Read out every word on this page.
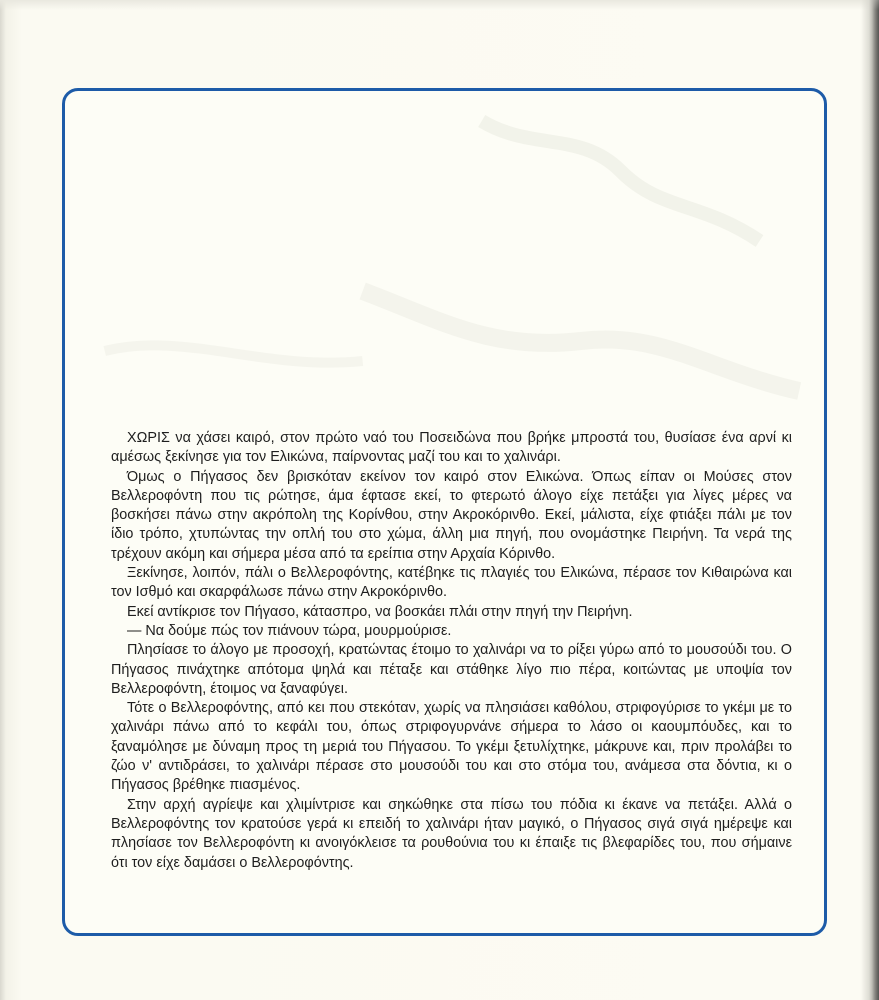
ΧΩΡΙΣ να χάσει καιρό, στον πρώτο ναό του Ποσειδώνα που βρήκε μπροστά του, θυσίασε ένα αρνί κι αμέσως ξεκίνησε για τον Ελικώνα, παίρνοντας μαζί του και το χαλινάρι.

Όμως ο Πήγασος δεν βρισκόταν εκείνον τον καιρό στον Ελικώνα. Όπως είπαν οι Μούσες στον Βελλεροφόντη που τις ρώτησε, άμα έφτασε εκεί, το φτερωτό άλογο είχε πετάξει για λίγες μέρες να βοσκήσει πάνω στην ακρόπολη της Κορίνθου, στην Ακροκόρινθο. Εκεί, μάλιστα, είχε φτιάξει πάλι με τον ίδιο τρόπο, χτυπώντας την οπλή του στο χώμα, άλλη μια πηγή, που ονομάστηκε Πειρήνη. Τα νερά της τρέχουν ακόμη και σήμερα μέσα από τα ερείπια στην Αρχαία Κόρινθο.

Ξεκίνησε, λοιπόν, πάλι ο Βελλεροφόντης, κατέβηκε τις πλαγιές του Ελικώνα, πέρασε τον Κιθαιρώνα και τον Ισθμό και σκαρφάλωσε πάνω στην Ακροκόρινθο.

Εκεί αντίκρισε τον Πήγασο, κάτασπρο, να βοσκάει πλάι στην πηγή την Πειρήνη.

— Να δούμε πώς τον πιάνουν τώρα, μουρμούρισε.

Πλησίασε το άλογο με προσοχή, κρατώντας έτοιμο το χαλινάρι να το ρίξει γύρω από το μουσούδι του. Ο Πήγασος πινάχτηκε απότομα ψηλά και πέταξε και στάθηκε λίγο πιο πέρα, κοιτώντας με υποψία τον Βελλεροφόντη, έτοιμος να ξαναφύγει.

Τότε ο Βελλεροφόντης, από κει που στεκόταν, χωρίς να πλησιάσει καθόλου, στριφογύρισε το γκέμι με το χαλινάρι πάνω από το κεφάλι του, όπως στριφογυρνάνε σήμερα το λάσο οι καουμπόυδες, και το ξαναμόλησε με δύναμη προς τη μεριά του Πήγασου. Το γκέμι ξετυλίχτηκε, μάκρυνε και, πριν προλάβει το ζώο ν' αντιδράσει, το χαλινάρι πέρασε στο μουσούδι του και στο στόμα του, ανάμεσα στα δόντια, κι ο Πήγασος βρέθηκε πιασμένος.

Στην αρχή αγρίεψε και χλιμίντρισε και σηκώθηκε στα πίσω του πόδια κι έκανε να πετάξει. Αλλά ο Βελλεροφόντης τον κρατούσε γερά κι επειδή το χαλινάρι ήταν μαγικό, ο Πήγασος σιγά σιγά ημέρεψε και πλησίασε τον Βελλεροφόντη κι ανοιγόκλεισε τα ρουθούνια του κι έπαιξε τις βλεφαρίδες του, που σήμαινε ότι τον είχε δαμάσει ο Βελλεροφόντης.
